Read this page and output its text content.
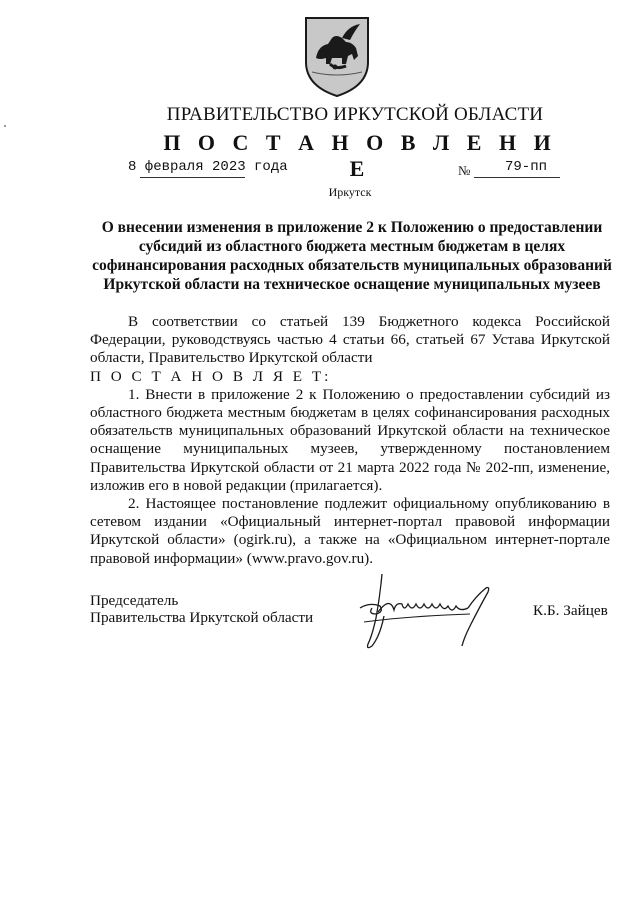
ПРАВИТЕЛЬСТВО ИРКУТСКОЙ ОБЛАСТИ
П О С Т А Н О В Л Е Н И Е
8 февраля 2023 года	№ 79-пп
Иркутск
О внесении изменения в приложение 2 к Положению о предоставлении субсидий из областного бюджета местным бюджетам в целях софинансирования расходных обязательств муниципальных образований Иркутской области на техническое оснащение муниципальных музеев

В соответствии со статьей 139 Бюджетного кодекса Российской Федерации, руководствуясь частью 4 статьи 66, статьей 67 Устава Иркутской области, Правительство Иркутской области

П О С Т А Н О В Л Я Е Т:

1. Внести в приложение 2 к Положению о предоставлении субсидий из областного бюджета местным бюджетам в целях софинансирования расходных обязательств муниципальных образований Иркутской области на техническое оснащение муниципальных музеев, утвержденному постановлением Правительства Иркутской области от 21 марта 2022 года № 202-пп, изменение, изложив его в новой редакции (прилагается).

2. Настоящее постановление подлежит официальному опубликованию в сетевом издании «Официальный интернет-портал правовой информации Иркутской области» (ogirk.ru), а также на «Официальном интернет-портале правовой информации» (www.pravo.gov.ru).

Председатель
Правительства Иркутской области	К.Б. Зайцев
